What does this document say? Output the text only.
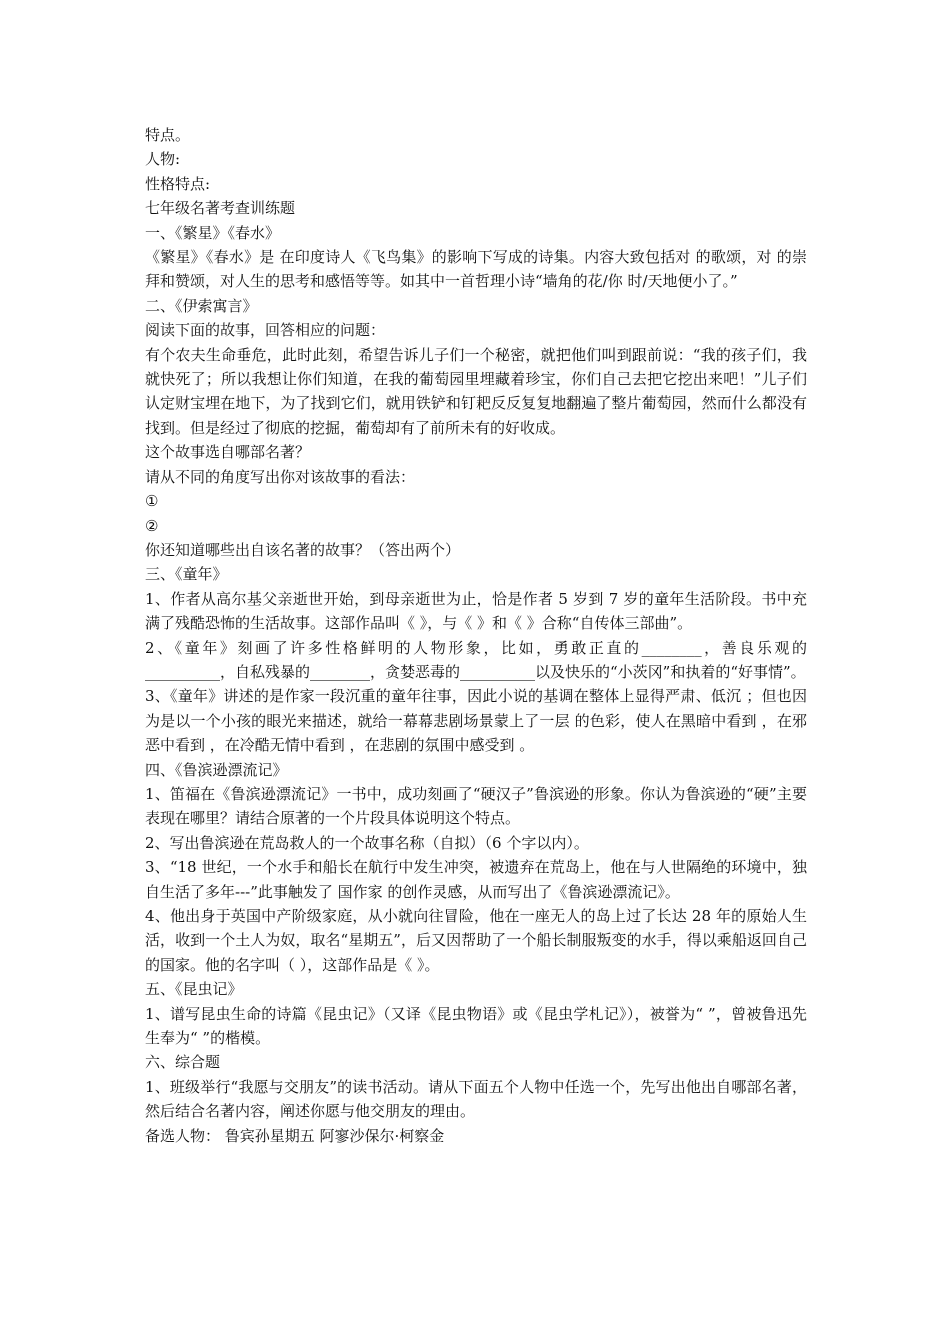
特点。
人物:
性格特点:
七年级名著考查训练题
一、《繁星》《春水》
《繁星》《春水》是 在印度诗人《飞鸟集》的影响下写成的诗集。内容大致包括对 的歌颂，对 的崇拜和赞颂，对人生的思考和感悟等等。如其中一首哲理小诗“墙角的花/你 时/天地便小了。”
二、《伊索寓言》
阅读下面的故事，回答相应的问题：
有个农夫生命垂危，此时此刻，希望告诉儿子们一个秘密，就把他们叫到跟前说：“我的孩子们，我就快死了；所以我想让你们知道，在我的葡萄园里埋藏着珍宝，你们自己去把它挖出来吧！”儿子们认定财宝埋在地下，为了找到它们，就用铁铲和钉耙反反复复地翻遍了整片葡萄园，然而什么都没有找到。但是经过了彻底的挖掘，葡萄却有了前所未有的好收成。
这个故事选自哪部名著？
请从不同的角度写出你对该故事的看法：
①
②
你还知道哪些出自该名著的故事？（答出两个）
三、《童年》
1、作者从高尔基父亲逝世开始，到母亲逝世为止，恰是作者 5 岁到 7 岁的童年生活阶段。书中充满了残酷恐怖的生活故事。这部作品叫《 》，与《 》和《 》合称“自传体三部曲”。
2、《童年》刻画了许多性格鲜明的人物形象，比如，勇敢正直的________，善良乐观的__________，自私残暴的________，贪婪恶毒的__________以及快乐的“小茨冈”和执着的“好事情”。
3、《童年》讲述的是作家一段沉重的童年往事，因此小说的基调在整体上显得严肃、低沉 ；但也因为是以一个小孩的眼光来描述，就给一幕幕悲剧场景蒙上了一层 的色彩，使人在黑暗中看到 ，在邪恶中看到 ，在冷酷无情中看到 ，在悲剧的氛围中感受到 。
四、《鲁滨逊漂流记》
1、笛福在《鲁滨逊漂流记》一书中，成功刻画了“硬汉子”鲁滨逊的形象。你认为鲁滨逊的“硬”主要表现在哪里？请结合原著的一个片段具体说明这个特点。
2、写出鲁滨逊在荒岛救人的一个故事名称（自拟）（6 个字以内）。
3、“18 世纪，一个水手和船长在航行中发生冲突，被遗弃在荒岛上，他在与人世隔绝的环境中，独自生活了多年---”此事触发了 国作家 的创作灵感，从而写出了《鲁滨逊漂流记》。
4、他出身于英国中产阶级家庭，从小就向往冒险，他在一座无人的岛上过了长达 28 年的原始人生活，收到一个土人为奴，取名“星期五”，后又因帮助了一个船长制服叛变的水手，得以乘船返回自己的国家。他的名字叫（ ），这部作品是《 》。
五、《昆虫记》
1、谱写昆虫生命的诗篇《昆虫记》（又译《昆虫物语》或《昆虫学札记》），被誉为“ ”，曾被鲁迅先生奉为“ ”的楷模。
六、综合题
1、班级举行“我愿与交朋友”的读书活动。请从下面五个人物中任选一个，先写出他出自哪部名著，然后结合名著内容，阐述你愿与他交朋友的理由。
备选人物： 鲁宾孙星期五 阿寥沙保尔·柯察金
